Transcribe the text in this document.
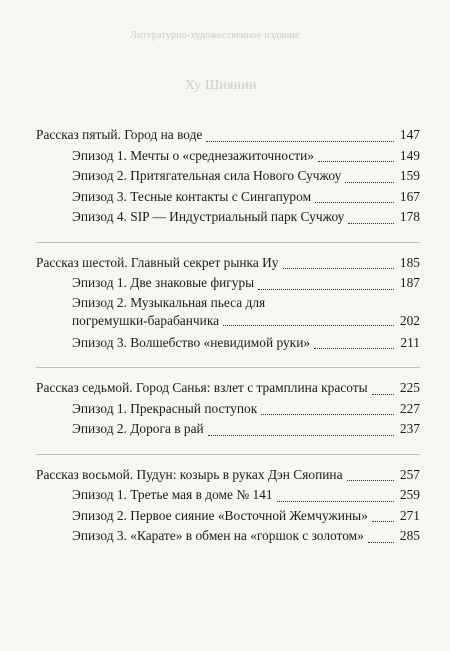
Литературно-художественное издание
Ху Шиянин
Рассказ пятый. Город на воде	147
Эпизод 1. Мечты о «среднезажиточности»	149
Эпизод 2. Притягательная сила Нового Сучжоу	159
Эпизод 3. Тесные контакты с Сингапуром	167
Эпизод 4. SIP — Индустриальный парк Сучжоу	178
Рассказ шестой. Главный секрет рынка Иу	185
Эпизод 1. Две знаковые фигуры	187
Эпизод 2. Музыкальная пьеса для
погремушки-барабанчика	202
Эпизод 3. Волшебство «невидимой руки»	211
Рассказ седьмой. Город Санья: взлет с трамплина красоты 225
Эпизод 1. Прекрасный поступок	227
Эпизод 2. Дорога в рай	237
Рассказ восьмой. Пудун: козырь в руках Дэн Сяопина	257
Эпизод 1. Третье мая в доме № 141	259
Эпизод 2. Первое сияние «Восточной Жемчужины» 271
Эпизод 3. «Карате» в обмен на «горшок с золотом»	285
